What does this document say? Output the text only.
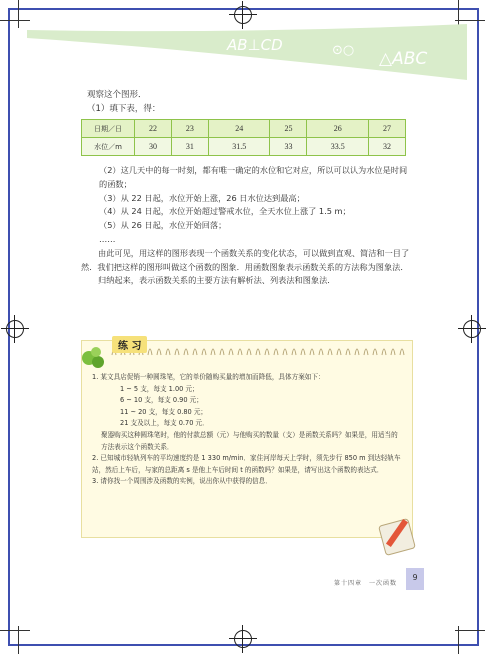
AB⊥CD	⊙○ △ABC
观察这个图形．
（1）填下表，得：
日期／日	22	23	24	25	26	27
水位／m	30	31	31.5	33	33.5	32

（2）这几天中的每一时刻，都有唯一确定的水位和它对应，所以可以认为水位是时间的函数；

（3）从 22 日起，水位开始上涨，26 日水位达到最高；

（4）从 24 日起，水位开始超过警戒水位，全天水位上涨了 1.5 m；

（5）从 26 日起，水位开始回落；

……

由此可见，用这样的图形表现一个函数关系的变化状态，可以做到直观、简洁和一目了然．我们把这样的图形叫做这个函数的图象．用函数图象表示函数关系的方法称为图象法．

归纳起来，表示函数关系的主要方法有解析法、列表法和图象法．

练 习

1. 某文具店促销一种圆珠笔，它的单价随购买量的增加而降低，具体方案如下：

1 ~ 5 支，每支 1.00 元；

6 ~ 10 支，每支 0.90 元；

11 ~ 20 支，每支 0.80 元；

21 支及以上，每支 0.70 元．

聚器购买这种圆珠笔时，他的付款总额（元）与他购买的数量（支）是函数关系吗？如果是，用适当的方法表示这个函数关系．

2. 已知城市轻轨列车的平均速度约是 1 330 m/min．家住河岸每天上学时，须先步行 850 m 到达轻轨车站，然后上车后，与家的总距离 s 是他上车后时间 t 的函数吗？如果是，请写出这个函数的表达式．

3. 请你找一个周围涉及函数的实例，说出你从中获得的信息．

第十四章　一次函数
9
